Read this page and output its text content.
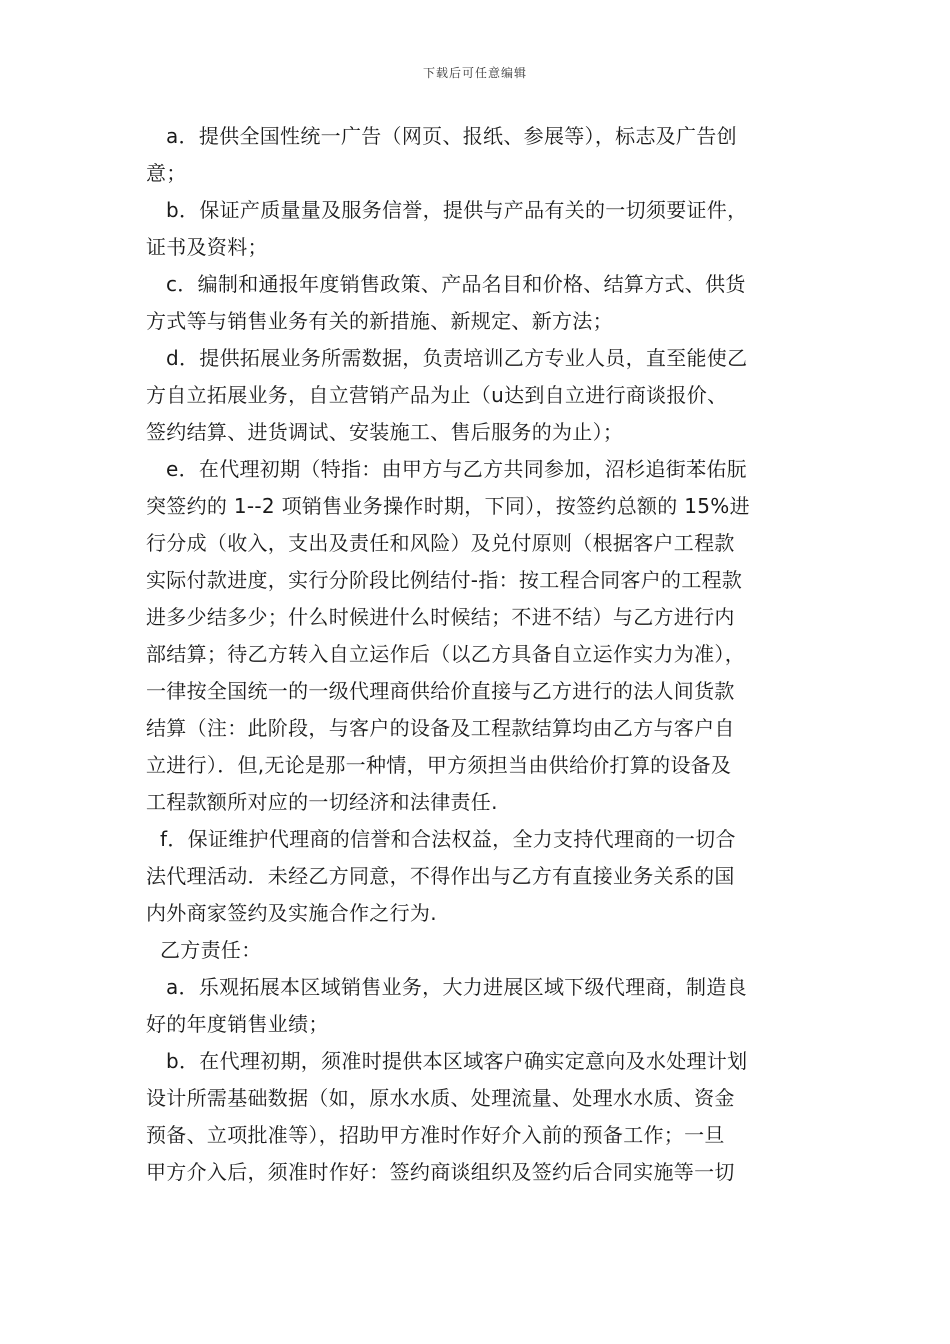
下载后可任意编辑
a．提供全国性统一广告（网页、报纸、参展等），标志及广告创
意；
b．保证产质量量及服务信誉，提供与产品有关的一切须要证件，
证书及资料；
c．编制和通报年度销售政策、产品名目和价格、结算方式、供货
方式等与销售业务有关的新措施、新规定、新方法；
d．提供拓展业务所需数据，负责培训乙方专业人员，直至能使乙
方自立拓展业务，自立营销产品为止（u达到自立进行商谈报价、
签约结算、进货调试、安装施工、售后服务的为止）；
e．在代理初期（特指：由甲方与乙方共同参加，沼杉追街苯佑朊
突签约的 1--2 项销售业务操作时期，下同），按签约总额的 15%进
行分成（收入，支出及责任和风险）及兑付原则（根据客户工程款
实际付款进度，实行分阶段比例结付-指：按工程合同客户的工程款
进多少结多少；什么时候进什么时候结；不进不结）与乙方进行内
部结算；待乙方转入自立运作后（以乙方具备自立运作实力为准），
一律按全国统一的一级代理商供给价直接与乙方进行的法人间货款
结算（注：此阶段，与客户的设备及工程款结算均由乙方与客户自
立进行）．但,无论是那一种情，甲方须担当由供给价打算的设备及
工程款额所对应的一切经济和法律责任.
f．保证维护代理商的信誉和合法权益，全力支持代理商的一切合
法代理活动．未经乙方同意，不得作出与乙方有直接业务关系的国
内外商家签约及实施合作之行为.
乙方责任：
a．乐观拓展本区域销售业务，大力进展区域下级代理商，制造良
好的年度销售业绩；
b．在代理初期，须准时提供本区域客户确实定意向及水处理计划
设计所需基础数据（如，原水水质、处理流量、处理水水质、资金
预备、立项批准等），招助甲方准时作好介入前的预备工作；一旦
甲方介入后，须准时作好：签约商谈组织及签约后合同实施等一切
